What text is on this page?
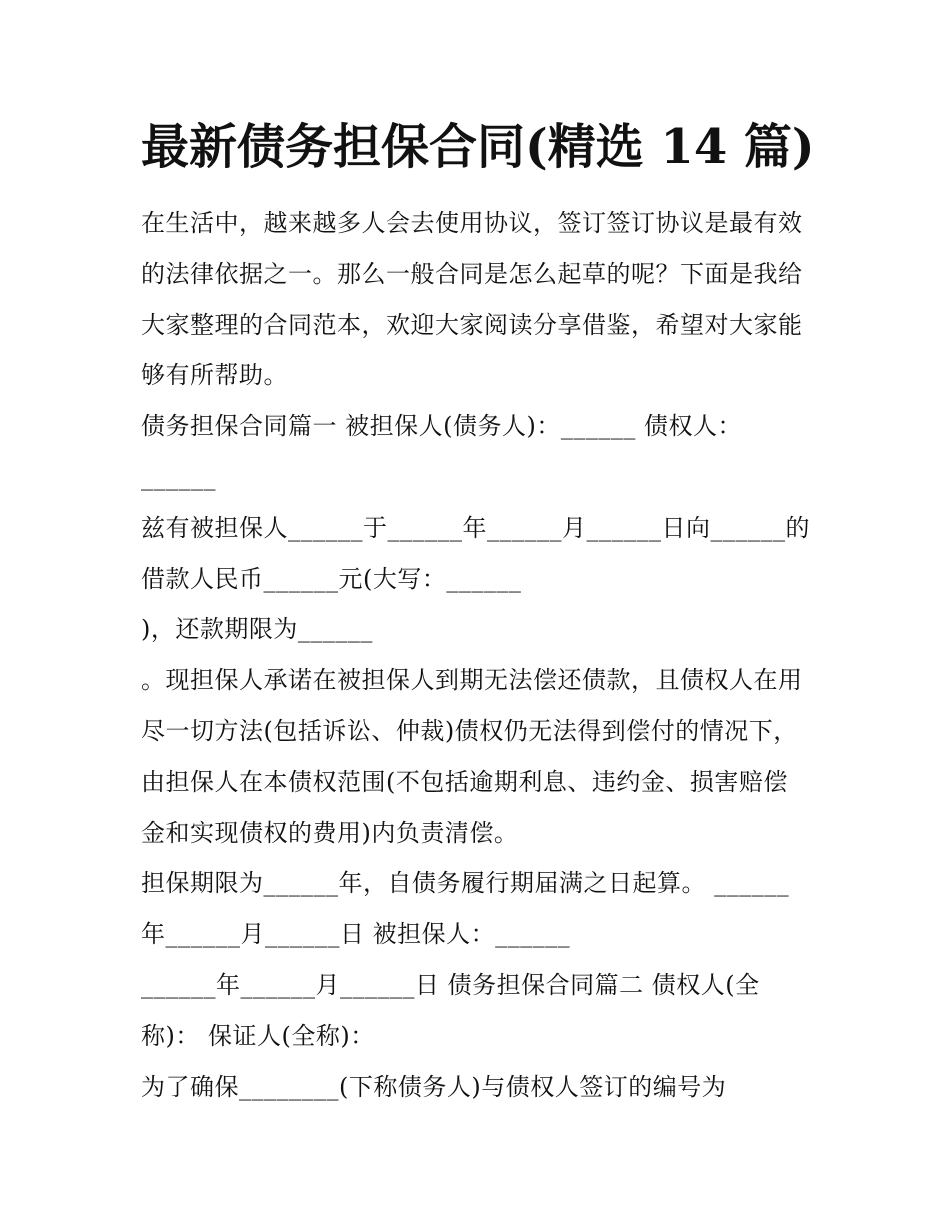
最新债务担保合同(精选 14 篇)

在生活中，越来越多人会去使用协议，签订签订协议是最有效

的法律依据之一。那么一般合同是怎么起草的呢？下面是我给

大家整理的合同范本，欢迎大家阅读分享借鉴，希望对大家能

够有所帮助。

债务担保合同篇一 被担保人(债务人)：______ 债权人：

______

兹有被担保人______于______年______月______日向______的

借款人民币______元(大写：______

)，还款期限为______

。现担保人承诺在被担保人到期无法偿还债款，且债权人在用

尽一切方法(包括诉讼、仲裁)债权仍无法得到偿付的情况下，

由担保人在本债权范围(不包括逾期利息、违约金、损害赔偿

金和实现债权的费用)内负责清偿。

担保期限为______年，自债务履行期届满之日起算。 ______

年______月______日 被担保人：______

______年______月______日 债务担保合同篇二 债权人(全

称)： 保证人(全称)：

为了确保________(下称债务人)与债权人签订的编号为
